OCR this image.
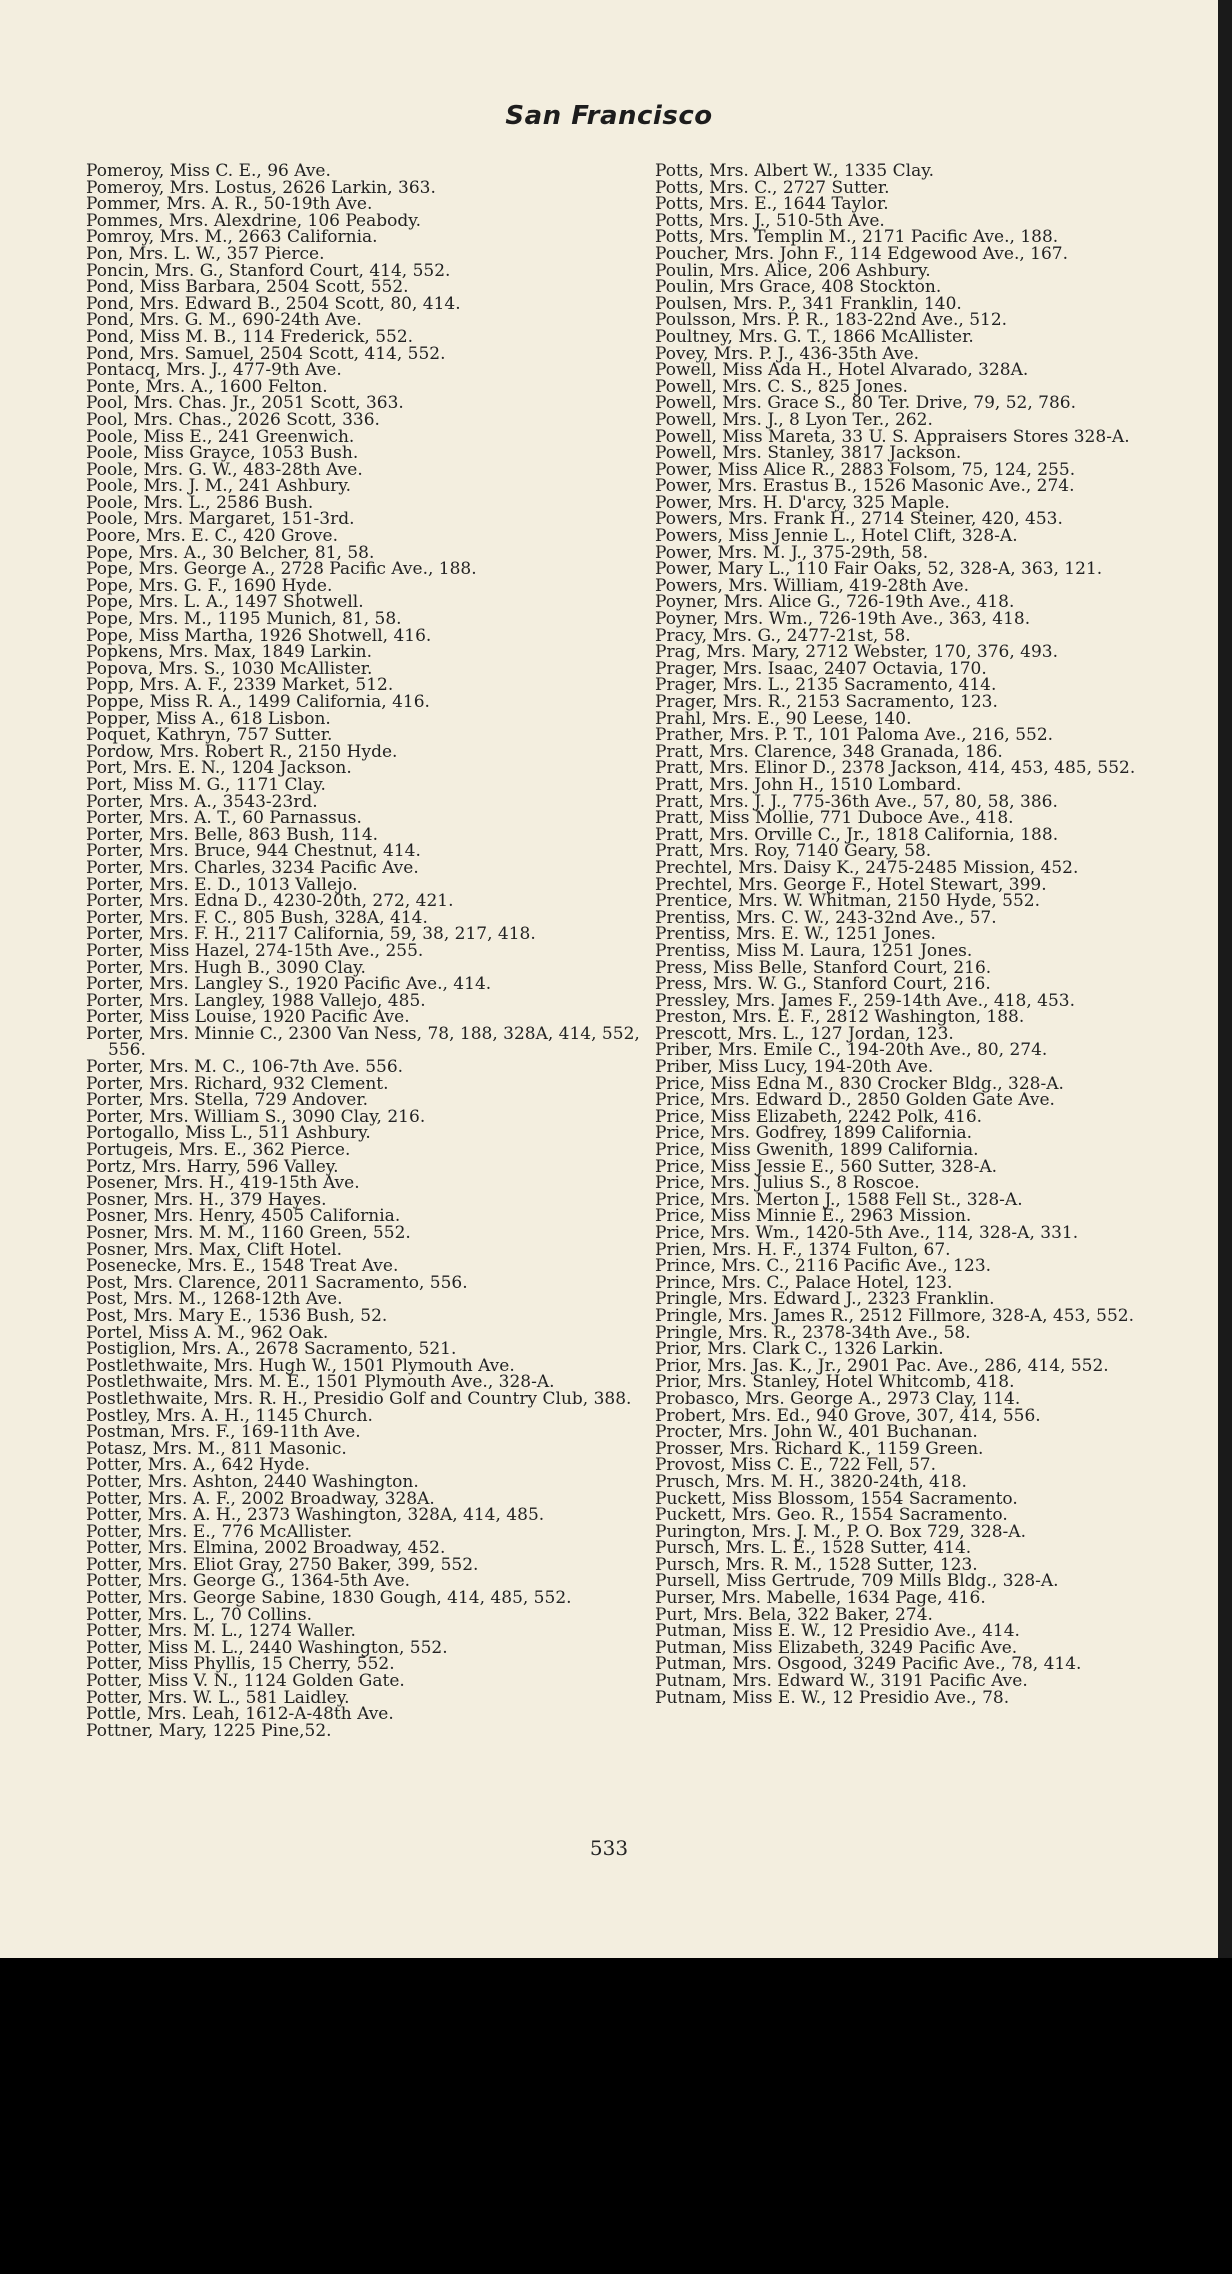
San Francisco
Pomeroy, Miss C. E., 96 Ave.
Pomeroy, Mrs. Lostus, 2626 Larkin, 363.
Pommer, Mrs. A. R., 50-19th Ave.
Pommes, Mrs. Alexdrine, 106 Peabody.
Pomroy, Mrs. M., 2663 California.
Pon, Mrs. L. W., 357 Pierce.
Poncin, Mrs. G., Stanford Court, 414, 552.
Pond, Miss Barbara, 2504 Scott, 552.
Pond, Mrs. Edward B., 2504 Scott, 80, 414.
Pond, Mrs. G. M., 690-24th Ave.
Pond, Miss M. B., 114 Frederick, 552.
Pond, Mrs. Samuel, 2504 Scott, 414, 552.
Pontacq, Mrs. J., 477-9th Ave.
Ponte, Mrs. A., 1600 Felton.
Pool, Mrs. Chas. Jr., 2051 Scott, 363.
Pool, Mrs. Chas., 2026 Scott, 336.
Poole, Miss E., 241 Greenwich.
Poole, Miss Grayce, 1053 Bush.
Poole, Mrs. G. W., 483-28th Ave.
Poole, Mrs. J. M., 241 Ashbury.
Poole, Mrs. L., 2586 Bush.
Poole, Mrs. Margaret, 151-3rd.
Poore, Mrs. E. C., 420 Grove.
Pope, Mrs. A., 30 Belcher, 81, 58.
Pope, Mrs. George A., 2728 Pacific Ave., 188.
Pope, Mrs. G. F., 1690 Hyde.
Pope, Mrs. L. A., 1497 Shotwell.
Pope, Mrs. M., 1195 Munich, 81, 58.
Pope, Miss Martha, 1926 Shotwell, 416.
Popkens, Mrs. Max, 1849 Larkin.
Popova, Mrs. S., 1030 McAllister.
Popp, Mrs. A. F., 2339 Market, 512.
Poppe, Miss R. A., 1499 California, 416.
Popper, Miss A., 618 Lisbon.
Poquet, Kathryn, 757 Sutter.
Pordow, Mrs. Robert R., 2150 Hyde.
Port, Mrs. E. N., 1204 Jackson.
Port, Miss M. G., 1171 Clay.
Porter, Mrs. A., 3543-23rd.
Porter, Mrs. A. T., 60 Parnassus.
Porter, Mrs. Belle, 863 Bush, 114.
Porter, Mrs. Bruce, 944 Chestnut, 414.
Porter, Mrs. Charles, 3234 Pacific Ave.
Porter, Mrs. E. D., 1013 Vallejo.
Porter, Mrs. Edna D., 4230-20th, 272, 421.
Porter, Mrs. F. C., 805 Bush, 328A, 414.
Porter, Mrs. F. H., 2117 California, 59, 38, 217, 418.
Porter, Miss Hazel, 274-15th Ave., 255.
Porter, Mrs. Hugh B., 3090 Clay.
Porter, Mrs. Langley S., 1920 Pacific Ave., 414.
Porter, Mrs. Langley, 1988 Vallejo, 485.
Porter, Miss Louise, 1920 Pacific Ave.
Porter, Mrs. Minnie C., 2300 Van Ness, 78, 188, 328A, 414, 552, 556.
Porter, Mrs. M. C., 106-7th Ave. 556.
Porter, Mrs. Richard, 932 Clement.
Porter, Mrs. Stella, 729 Andover.
Porter, Mrs. William S., 3090 Clay, 216.
Portogallo, Miss L., 511 Ashbury.
Portugeis, Mrs. E., 362 Pierce.
Portz, Mrs. Harry, 596 Valley.
Posener, Mrs. H., 419-15th Ave.
Posner, Mrs. H., 379 Hayes.
Posner, Mrs. Henry, 4505 California.
Posner, Mrs. M. M., 1160 Green, 552.
Posner, Mrs. Max, Clift Hotel.
Posenecke, Mrs. E., 1548 Treat Ave.
Post, Mrs. Clarence, 2011 Sacramento, 556.
Post, Mrs. M., 1268-12th Ave.
Post, Mrs. Mary E., 1536 Bush, 52.
Portel, Miss A. M., 962 Oak.
Postiglion, Mrs. A., 2678 Sacramento, 521.
Postlethwaite, Mrs. Hugh W., 1501 Plymouth Ave.
Postlethwaite, Mrs. M. E., 1501 Plymouth Ave., 328-A.
Postlethwaite, Mrs. R. H., Presidio Golf and Country Club, 388.
Postley, Mrs. A. H., 1145 Church.
Postman, Mrs. F., 169-11th Ave.
Potasz, Mrs. M., 811 Masonic.
Potter, Mrs. A., 642 Hyde.
Potter, Mrs. Ashton, 2440 Washington.
Potter, Mrs. A. F., 2002 Broadway, 328A.
Potter, Mrs. A. H., 2373 Washington, 328A, 414, 485.
Potter, Mrs. E., 776 McAllister.
Potter, Mrs. Elmina, 2002 Broadway, 452.
Potter, Mrs. Eliot Gray, 2750 Baker, 399, 552.
Potter, Mrs. George G., 1364-5th Ave.
Potter, Mrs. George Sabine, 1830 Gough, 414, 485, 552.
Potter, Mrs. L., 70 Collins.
Potter, Mrs. M. L., 1274 Waller.
Potter, Miss M. L., 2440 Washington, 552.
Potter, Miss Phyllis, 15 Cherry, 552.
Potter, Miss V. N., 1124 Golden Gate.
Potter, Mrs. W. L., 581 Laidley.
Pottle, Mrs. Leah, 1612-A-48th Ave.
Pottner, Mary, 1225 Pine,52.
Potts, Mrs. Albert W., 1335 Clay.
Potts, Mrs. C., 2727 Sutter.
Potts, Mrs. E., 1644 Taylor.
Potts, Mrs. J., 510-5th Ave.
Potts, Mrs. Templin M., 2171 Pacific Ave., 188.
Poucher, Mrs. John F., 114 Edgewood Ave., 167.
Poulin, Mrs. Alice, 206 Ashbury.
Poulin, Mrs Grace, 408 Stockton.
Poulsen, Mrs. P., 341 Franklin, 140.
Poulsson, Mrs. P. R., 183-22nd Ave., 512.
Poultney, Mrs. G. T., 1866 McAllister.
Povey, Mrs. P. J., 436-35th Ave.
Powell, Miss Ada H., Hotel Alvarado, 328A.
Powell, Mrs. C. S., 825 Jones.
Powell, Mrs. Grace S., 80 Ter. Drive, 79, 52, 786.
Powell, Mrs. J., 8 Lyon Ter., 262.
Powell, Miss Mareta, 33 U. S. Appraisers Stores 328-A.
Powell, Mrs. Stanley, 3817 Jackson.
Power, Miss Alice R., 2883 Folsom, 75, 124, 255.
Power, Mrs. Erastus B., 1526 Masonic Ave., 274.
Power, Mrs. H. D'arcy, 325 Maple.
Powers, Mrs. Frank H., 2714 Steiner, 420, 453.
Powers, Miss Jennie L., Hotel Clift, 328-A.
Power, Mrs. M. J., 375-29th, 58.
Power, Mary L., 110 Fair Oaks, 52, 328-A, 363, 121.
Powers, Mrs. William, 419-28th Ave.
Poyner, Mrs. Alice G., 726-19th Ave., 418.
Poyner, Mrs. Wm., 726-19th Ave., 363, 418.
Pracy, Mrs. G., 2477-21st, 58.
Prag, Mrs. Mary, 2712 Webster, 170, 376, 493.
Prager, Mrs. Isaac, 2407 Octavia, 170.
Prager, Mrs. L., 2135 Sacramento, 414.
Prager, Mrs. R., 2153 Sacramento, 123.
Prahl, Mrs. E., 90 Leese, 140.
Prather, Mrs. P. T., 101 Paloma Ave., 216, 552.
Pratt, Mrs. Clarence, 348 Granada, 186.
Pratt, Mrs. Elinor D., 2378 Jackson, 414, 453, 485, 552.
Pratt, Mrs. John H., 1510 Lombard.
Pratt, Mrs. J. J., 775-36th Ave., 57, 80, 58, 386.
Pratt, Miss Mollie, 771 Duboce Ave., 418.
Pratt, Mrs. Orville C., Jr., 1818 California, 188.
Pratt, Mrs. Roy, 7140 Geary, 58.
Prechtel, Mrs. Daisy K., 2475-2485 Mission, 452.
Prechtel, Mrs. George F., Hotel Stewart, 399.
Prentice, Mrs. W. Whitman, 2150 Hyde, 552.
Prentiss, Mrs. C. W., 243-32nd Ave., 57.
Prentiss, Mrs. E. W., 1251 Jones.
Prentiss, Miss M. Laura, 1251 Jones.
Press, Miss Belle, Stanford Court, 216.
Press, Mrs. W. G., Stanford Court, 216.
Pressley, Mrs. James F., 259-14th Ave., 418, 453.
Preston, Mrs. E. F., 2812 Washington, 188.
Prescott, Mrs. L., 127 Jordan, 123.
Priber, Mrs. Emile C., 194-20th Ave., 80, 274.
Priber, Miss Lucy, 194-20th Ave.
Price, Miss Edna M., 830 Crocker Bldg., 328-A.
Price, Mrs. Edward D., 2850 Golden Gate Ave.
Price, Miss Elizabeth, 2242 Polk, 416.
Price, Mrs. Godfrey, 1899 California.
Price, Miss Gwenith, 1899 California.
Price, Miss Jessie E., 560 Sutter, 328-A.
Price, Mrs. Julius S., 8 Roscoe.
Price, Mrs. Merton J., 1588 Fell St., 328-A.
Price, Miss Minnie E., 2963 Mission.
Price, Mrs. Wm., 1420-5th Ave., 114, 328-A, 331.
Prien, Mrs. H. F., 1374 Fulton, 67.
Prince, Mrs. C., 2116 Pacific Ave., 123.
Prince, Mrs. C., Palace Hotel, 123.
Pringle, Mrs. Edward J., 2323 Franklin.
Pringle, Mrs. James R., 2512 Fillmore, 328-A, 453, 552.
Pringle, Mrs. R., 2378-34th Ave., 58.
Prior, Mrs. Clark C., 1326 Larkin.
Prior, Mrs. Jas. K., Jr., 2901 Pac. Ave., 286, 414, 552.
Prior, Mrs. Stanley, Hotel Whitcomb, 418.
Probasco, Mrs. George A., 2973 Clay, 114.
Probert, Mrs. Ed., 940 Grove, 307, 414, 556.
Procter, Mrs. John W., 401 Buchanan.
Prosser, Mrs. Richard K., 1159 Green.
Provost, Miss C. E., 722 Fell, 57.
Prusch, Mrs. M. H., 3820-24th, 418.
Puckett, Miss Blossom, 1554 Sacramento.
Puckett, Mrs. Geo. R., 1554 Sacramento.
Purington, Mrs. J. M., P. O. Box 729, 328-A.
Pursch, Mrs. L. E., 1528 Sutter, 414.
Pursch, Mrs. R. M., 1528 Sutter, 123.
Pursell, Miss Gertrude, 709 Mills Bldg., 328-A.
Purser, Mrs. Mabelle, 1634 Page, 416.
Purt, Mrs. Bela, 322 Baker, 274.
Putman, Miss E. W., 12 Presidio Ave., 414.
Putman, Miss Elizabeth, 3249 Pacific Ave.
Putman, Mrs. Osgood, 3249 Pacific Ave., 78, 414.
Putnam, Mrs. Edward W., 3191 Pacific Ave.
Putnam, Miss E. W., 12 Presidio Ave., 78.
533
